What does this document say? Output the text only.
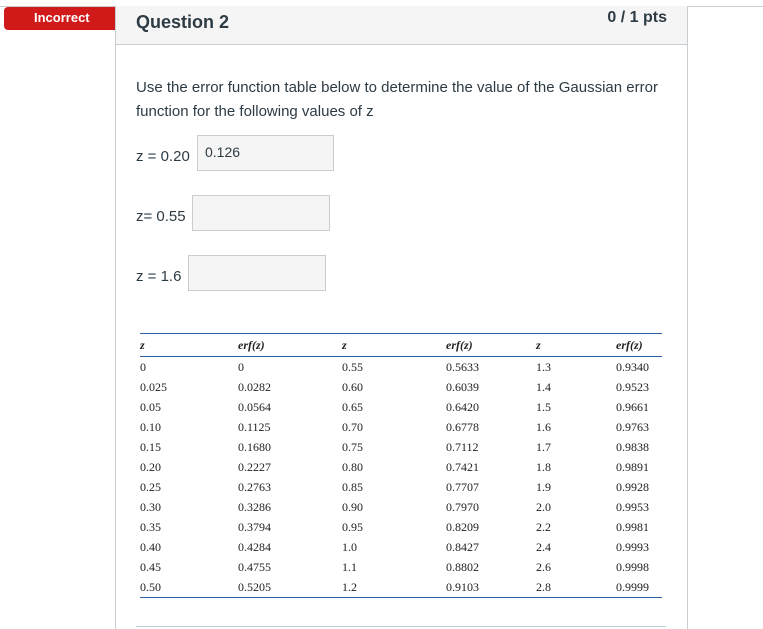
Incorrect	Question 2	0 / 1 pts
Use the error function table below to determine the value of the Gaussian error function for the following values of z
z = 0.20	0.126
z= 0.55
z = 1.6
z	erf(z)	z	erf(z)	z	erf(z)
0	0	0.55	0.5633	1.3	0.9340
0.025	0.0282	0.60	0.6039	1.4	0.9523
0.05	0.0564	0.65	0.6420	1.5	0.9661
0.10	0.1125	0.70	0.6778	1.6	0.9763
0.15	0.1680	0.75	0.7112	1.7	0.9838
0.20	0.2227	0.80	0.7421	1.8	0.9891
0.25	0.2763	0.85	0.7707	1.9	0.9928
0.30	0.3286	0.90	0.7970	2.0	0.9953
0.35	0.3794	0.95	0.8209	2.2	0.9981
0.40	0.4284	1.0	0.8427	2.4	0.9993
0.45	0.4755	1.1	0.8802	2.6	0.9998
0.50	0.5205	1.2	0.9103	2.8	0.9999
